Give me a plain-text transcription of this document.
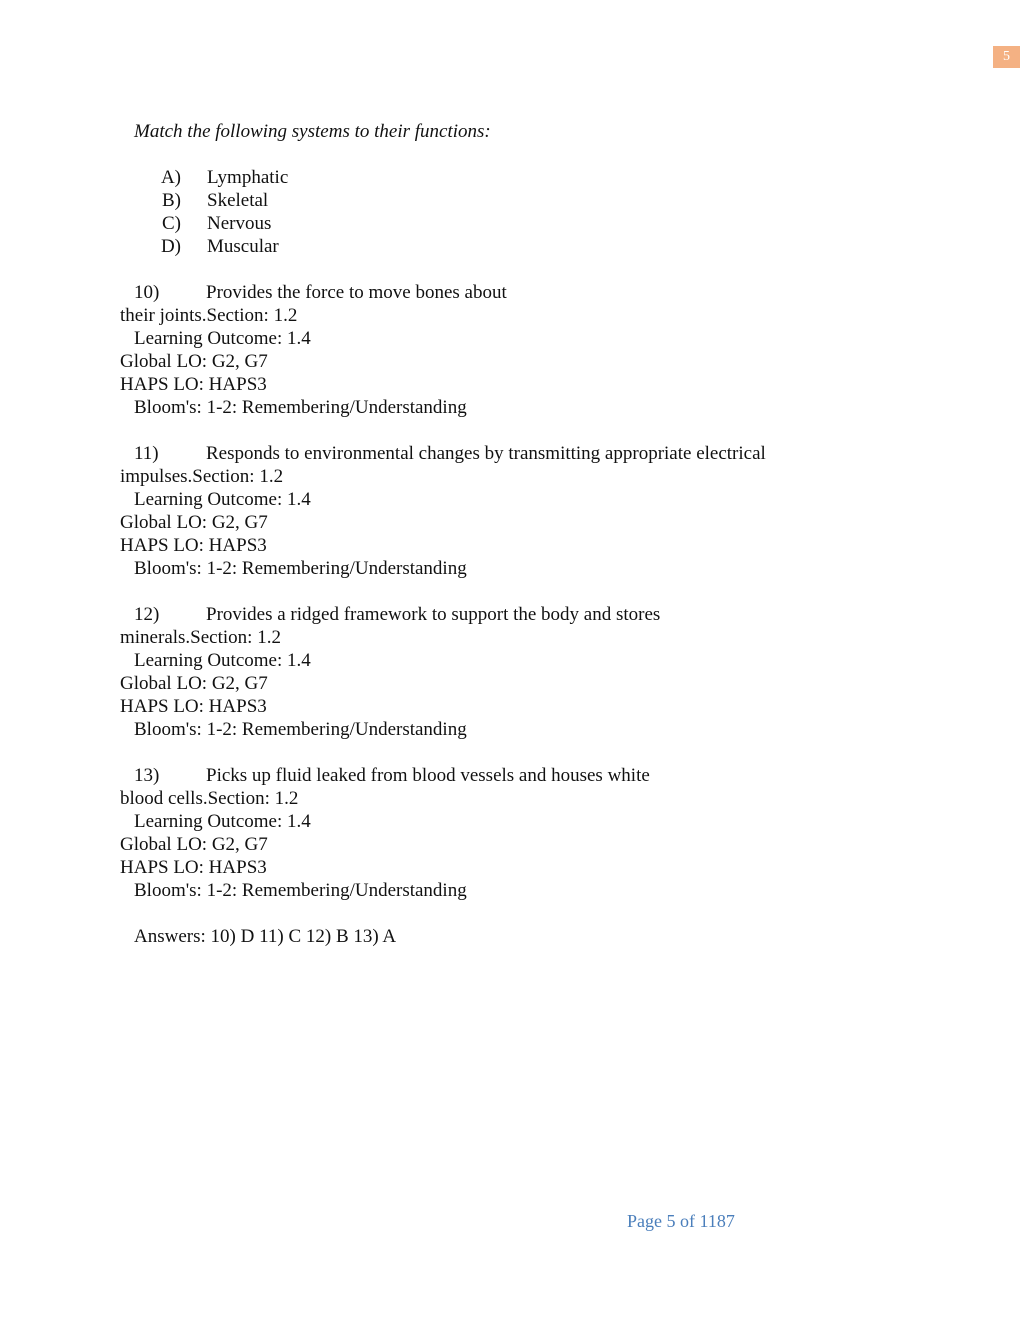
5
Match the following systems to their functions:
A) Lymphatic
B) Skeletal
C) Nervous
D) Muscular
10) Provides the force to move bones about
their joints.Section: 1.2
Learning Outcome: 1.4
Global LO: G2, G7
HAPS LO: HAPS3
Bloom's: 1-2: Remembering/Understanding
11) Responds to environmental changes by transmitting appropriate electrical
impulses.Section: 1.2
Learning Outcome: 1.4
Global LO: G2, G7
HAPS LO: HAPS3
Bloom's: 1-2: Remembering/Understanding
12) Provides a ridged framework to support the body and stores
minerals.Section: 1.2
Learning Outcome: 1.4
Global LO: G2, G7
HAPS LO: HAPS3
Bloom's: 1-2: Remembering/Understanding
13) Picks up fluid leaked from blood vessels and houses white
blood cells.Section: 1.2
Learning Outcome: 1.4
Global LO: G2, G7
HAPS LO: HAPS3
Bloom's: 1-2: Remembering/Understanding
Answers: 10) D 11) C 12) B 13) A
Page 5 of 1187
